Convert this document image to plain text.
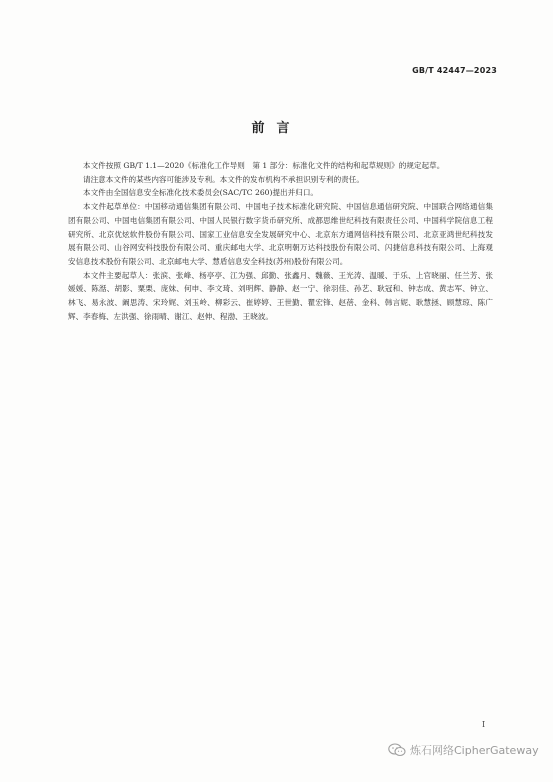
GB/T 42447—2023
前言

本文件按照 GB/T 1.1—2020《标准化工作导则　第 1 部分：标准化文件的结构和起草规则》的规定起草。

请注意本文件的某些内容可能涉及专利。本文件的发布机构不承担识别专利的责任。

本文件由全国信息安全标准化技术委员会(SAC/TC 260)提出并归口。

本文件起草单位：中国移动通信集团有限公司、中国电子技术标准化研究院、中国信息通信研究院、中国联合网络通信集团有限公司、中国电信集团有限公司、中国人民银行数字货币研究所、成都思维世纪科技有限责任公司、中国科学院信息工程研究所、北京优炫软件股份有限公司、国家工业信息安全发展研究中心、北京东方通网信科技有限公司、北京亚鸿世纪科技发展有限公司、山谷网安科技股份有限公司、重庆邮电大学、北京明朝万达科技股份有限公司、闪捷信息科技有限公司、上海观安信息技术股份有限公司、北京邮电大学、慧盾信息安全科技(苏州)股份有限公司。

本文件主要起草人：张滨、张峰、杨亭亭、江为强、邱勤、张鑫月、魏薇、王光涛、温暖、于乐、上官晓丽、任兰芳、张媛媛、陈湉、胡影、粟栗、庞妹、何申、李文琦、刘明辉、静静、赵一宁、徐羽佳、孙艺、耿冠和、钟志成、黄志军、钟立、林飞、易永波、阚思涛、宋玲娓、刘玉岭、柳彩云、崔婷婷、王世勤、瞿宏锋、赵蓓、金科、韩言妮、耿慧拯、顾慧琼、陈广辉、李春梅、左洪强、徐雨晴、谢江、赵伸、程渤、王晓波。

I
炼石网络CipherGateway
